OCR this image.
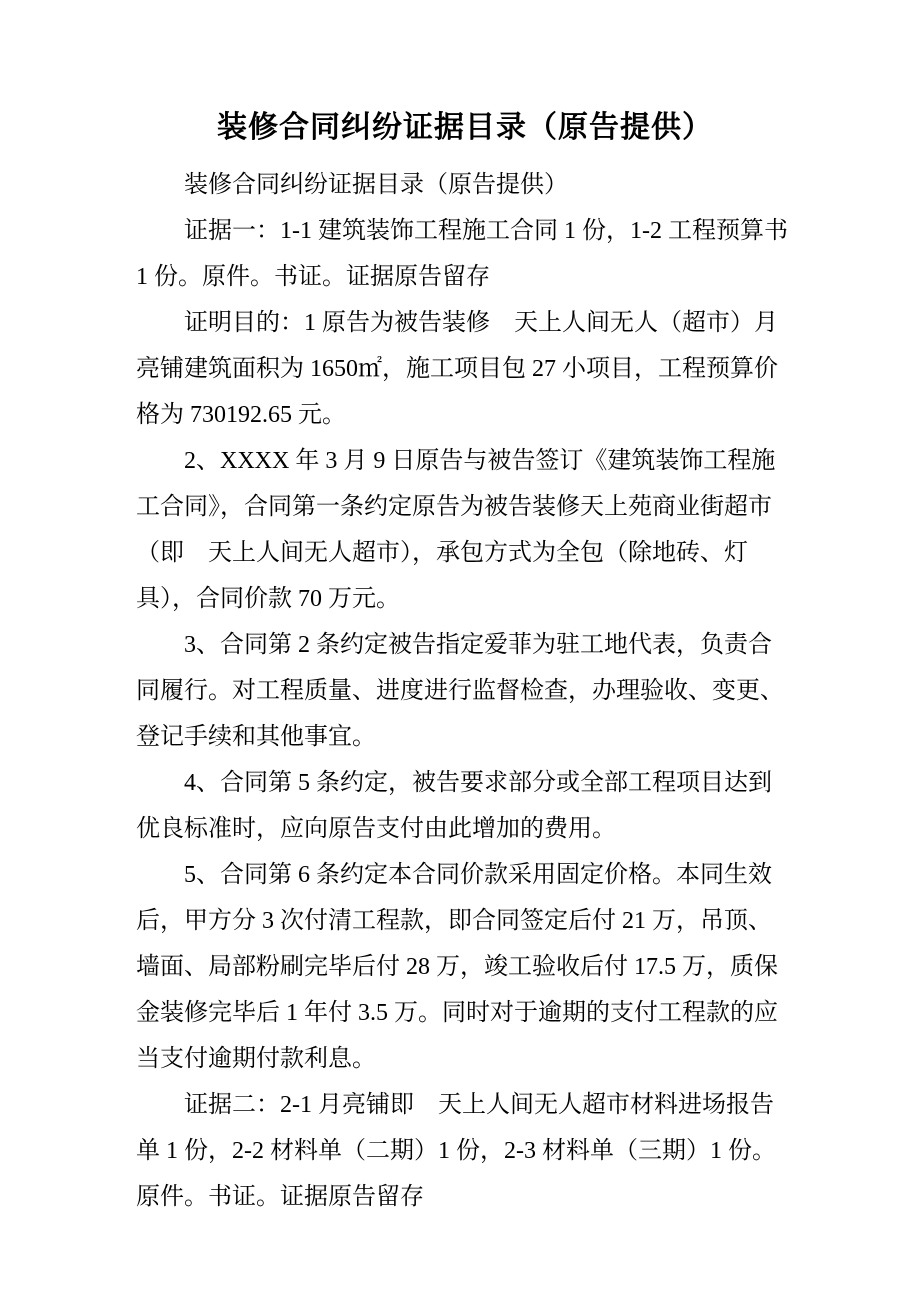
装修合同纠纷证据目录（原告提供）

装修合同纠纷证据目录（原告提供）

证据一：1-1 建筑装饰工程施工合同 1 份，1-2 工程预算书 1 份。原件。书证。证据原告留存

证明目的：1 原告为被告装修　天上人间无人（超市）月亮铺建筑面积为 1650㎡，施工项目包 27 小项目，工程预算价格为 730192.65 元。

2、XXXX 年 3 月 9 日原告与被告签订《建筑装饰工程施工合同》，合同第一条约定原告为被告装修天上苑商业街超市（即　天上人间无人超市），承包方式为全包（除地砖、灯具），合同价款 70 万元。

3、合同第 2 条约定被告指定爱菲为驻工地代表，负责合同履行。对工程质量、进度进行监督检查，办理验收、变更、登记手续和其他事宜。

4、合同第 5 条约定，被告要求部分或全部工程项目达到优良标准时，应向原告支付由此增加的费用。

5、合同第 6 条约定本合同价款采用固定价格。本同生效后，甲方分 3 次付清工程款，即合同签定后付 21 万，吊顶、墙面、局部粉刷完毕后付 28 万，竣工验收后付 17.5 万，质保金装修完毕后 1 年付 3.5 万。同时对于逾期的支付工程款的应当支付逾期付款利息。

证据二：2-1 月亮铺即　天上人间无人超市材料进场报告单 1 份，2-2 材料单（二期）1 份，2-3 材料单（三期）1 份。原件。书证。证据原告留存
